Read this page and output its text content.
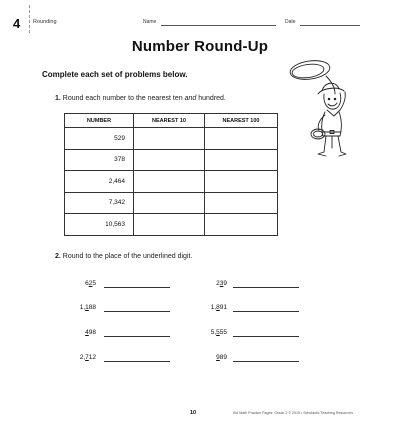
4 Rounding	Name	Date
Number Round-Up
Complete each set of problems below.
1. Round each number to the nearest ten and hundred.
NUMBER	NEAREST 10	NEAREST 100
529		
378		
2,464		
7,342		
10,563		
2. Round to the place of the underlined digit.
625
1,188
498
2,712
239
1,891
5,555
989
10	Kid Math Practice Pages: Grade 2 © 2015 • Scholastic Teaching Resources
